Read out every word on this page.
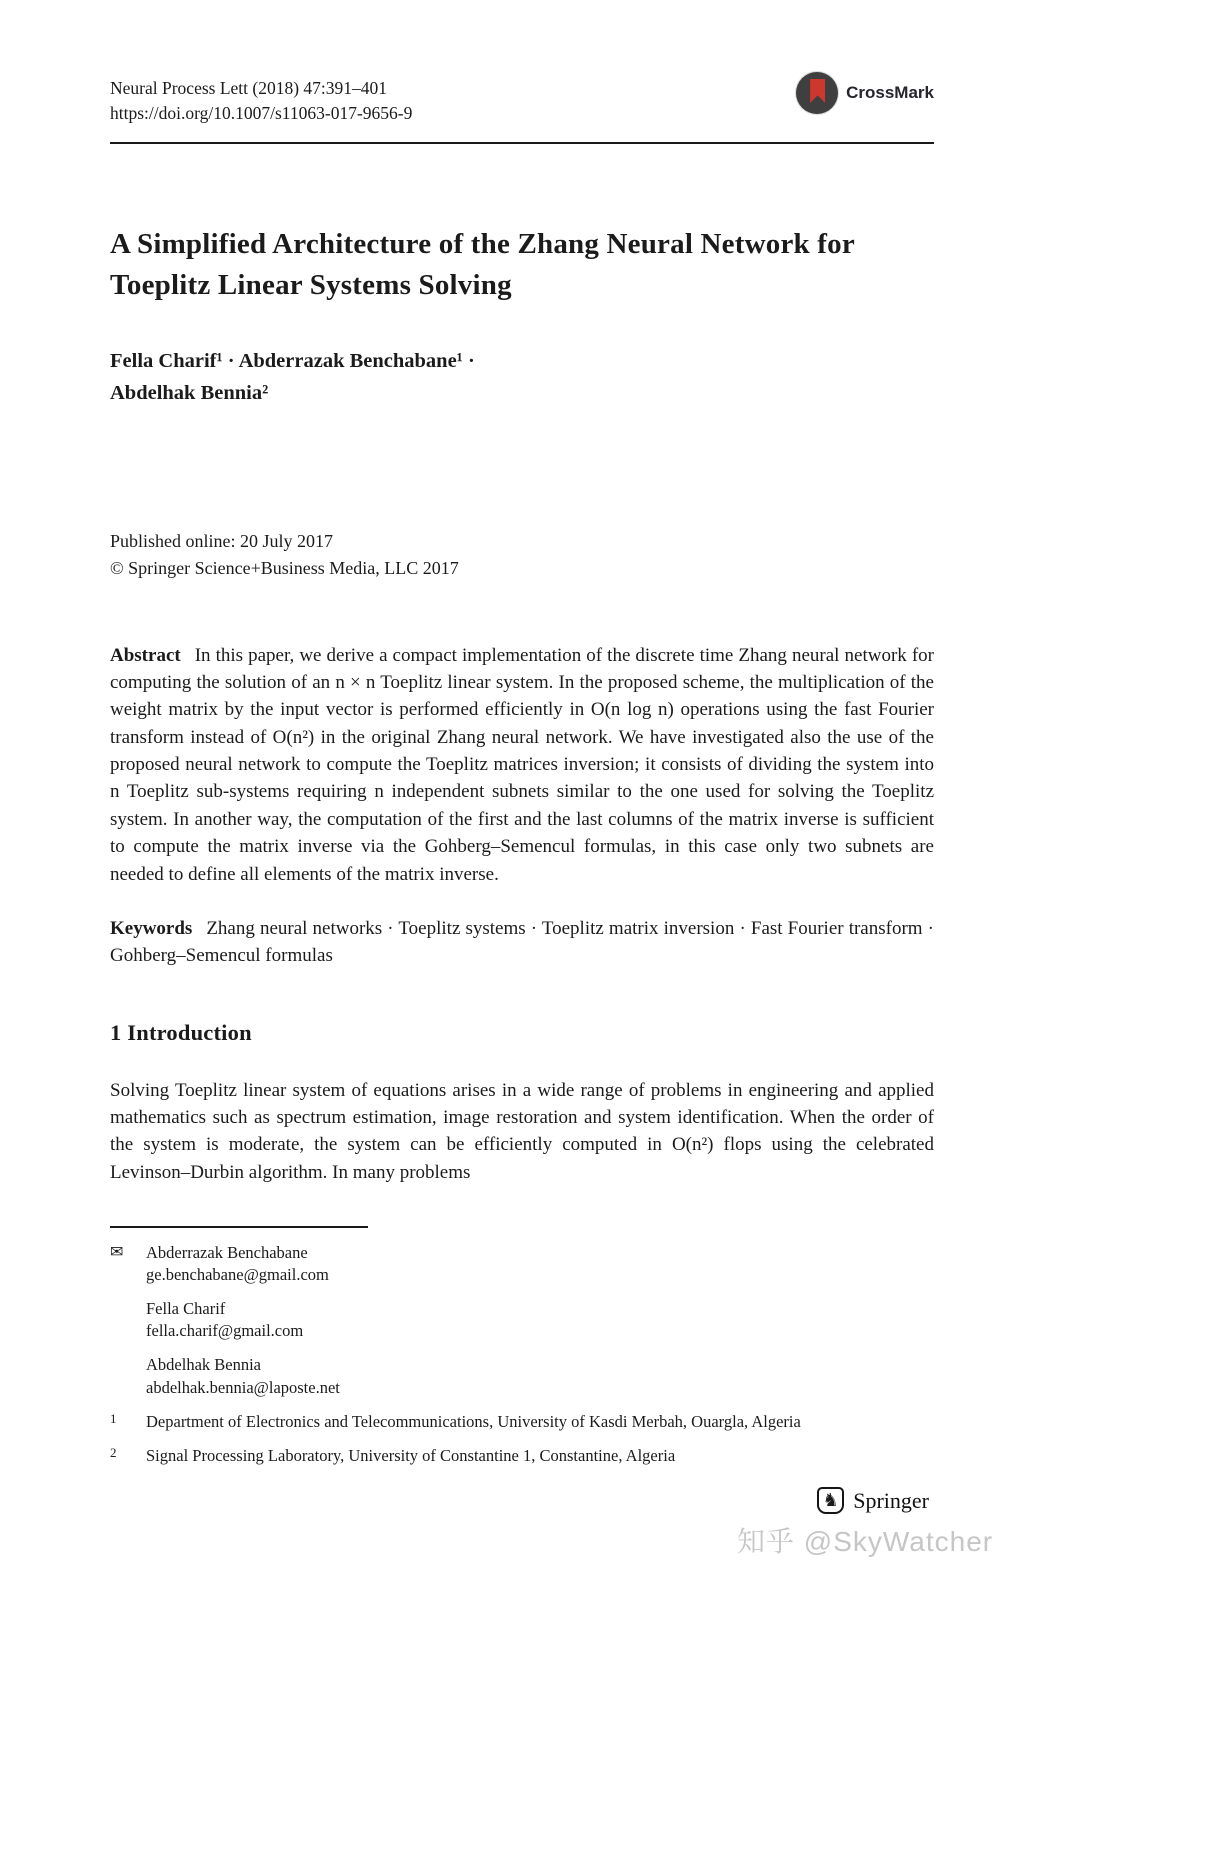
Neural Process Lett (2018) 47:391–401
https://doi.org/10.1007/s11063-017-9656-9
CrossMark
A Simplified Architecture of the Zhang Neural Network for Toeplitz Linear Systems Solving
Fella Charif¹ · Abderrazak Benchabane¹ ·
Abdelhak Bennia²
Published online: 20 July 2017
© Springer Science+Business Media, LLC 2017

Abstract In this paper, we derive a compact implementation of the discrete time Zhang neural network for computing the solution of an n × n Toeplitz linear system. In the proposed scheme, the multiplication of the weight matrix by the input vector is performed efficiently in O(n log n) operations using the fast Fourier transform instead of O(n²) in the original Zhang neural network. We have investigated also the use of the proposed neural network to compute the Toeplitz matrices inversion; it consists of dividing the system into n Toeplitz sub-systems requiring n independent subnets similar to the one used for solving the Toeplitz system. In another way, the computation of the first and the last columns of the matrix inverse is sufficient to compute the matrix inverse via the Gohberg–Semencul formulas, in this case only two subnets are needed to define all elements of the matrix inverse.

Keywords Zhang neural networks · Toeplitz systems · Toeplitz matrix inversion · Fast Fourier transform · Gohberg–Semencul formulas

1 Introduction

Solving Toeplitz linear system of equations arises in a wide range of problems in engineering and applied mathematics such as spectrum estimation, image restoration and system identification. When the order of the system is moderate, the system can be efficiently computed in O(n²) flops using the celebrated Levinson–Durbin algorithm. In many problems

✉	Abderrazak Benchabane
ge.benchabane@gmail.com
Fella Charif
fella.charif@gmail.com
Abdelhak Bennia
abdelhak.bennia@laposte.net
$^1$	Department of Electronics and Telecommunications, University of Kasdi Merbah, Ouargla, Algeria
$^2$	Signal Processing Laboratory, University of Constantine 1, Constantine, Algeria
♞ Springer
知乎 @SkyWatcher
